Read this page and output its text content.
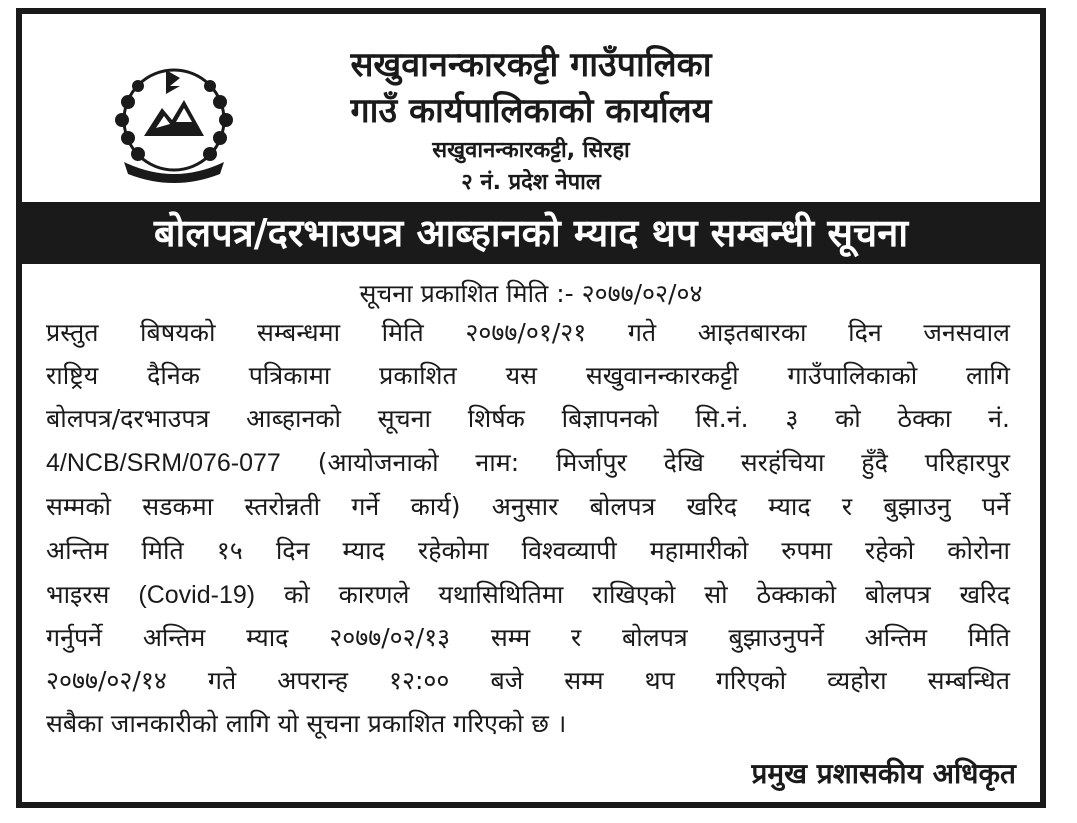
सखुवानन्कारकट्टी गाउँपालिका
गाउँ कार्यपालिकाको कार्यालय
सखुवानन्कारकट्टी, सिरहा
२ नं. प्रदेश नेपाल
बोलपत्र/दरभाउपत्र आब्हानको म्याद थप सम्बन्धी सूचना
सूचना प्रकाशित मिति :- २०७७/०२/०४
प्रस्तुत बिषयको सम्बन्धमा मिति २०७७/०१/२१ गते आइतबारका दिन जनसवाल
राष्ट्रिय दैनिक पत्रिकामा प्रकाशित यस सखुवानन्कारकट्टी गाउँपालिकाको लागि
बोलपत्र/दरभाउपत्र आब्हानको सूचना शिर्षक बिज्ञापनको सि.नं. ३ को ठेक्का नं.
4/NCB/SRM/076-077 (आयोजनाको नाम: मिर्जापुर देखि सरहंचिया हुँदै परिहारपुर
सम्मको सडकमा स्तरोन्नती गर्ने कार्य) अनुसार बोलपत्र खरिद म्याद र बुझाउनु पर्ने
अन्तिम मिति १५ दिन म्याद रहेकोमा विश्वव्यापी महामारीको रुपमा रहेको कोरोना
भाइरस (Covid-19) को कारणले यथासिथितिमा राखिएको सो ठेक्काको बोलपत्र खरिद
गर्नुपर्ने अन्तिम म्याद २०७७/०२/१३ सम्म र बोलपत्र बुझाउनुपर्ने अन्तिम मिति
२०७७/०२/१४ गते अपरान्ह १२:०० बजे सम्म थप गरिएको व्यहोरा सम्बन्धित
सबैका जानकारीको लागि यो सूचना प्रकाशित गरिएको छ ।
प्रमुख प्रशासकीय अधिकृत
